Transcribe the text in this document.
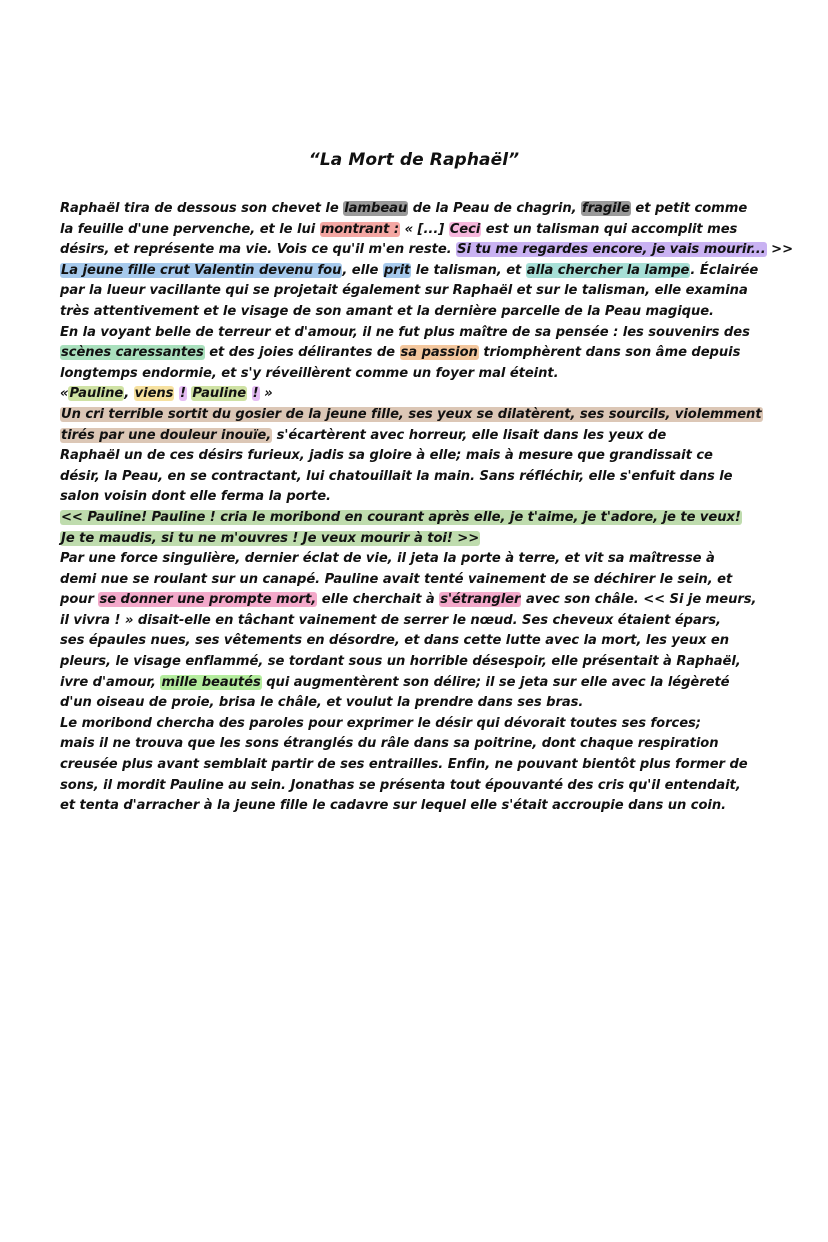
“La Mort de Raphaël”
Raphaël tira de dessous son chevet le lambeau de la Peau de chagrin, fragile et petit comme
la feuille d'une pervenche, et le lui montrant : « [...] Ceci est un talisman qui accomplit mes
désirs, et représente ma vie. Vois ce qu'il m'en reste. Si tu me regardes encore, je vais mourir... >>
La jeune fille crut Valentin devenu fou, elle prit le talisman, et alla chercher la lampe. Éclairée
par la lueur vacillante qui se projetait également sur Raphaël et sur le talisman, elle examina
très attentivement et le visage de son amant et la dernière parcelle de la Peau magique.
En la voyant belle de terreur et d'amour, il ne fut plus maître de sa pensée : les souvenirs des
scènes caressantes et des joies délirantes de sa passion triomphèrent dans son âme depuis
longtemps endormie, et s'y réveillèrent comme un foyer mal éteint.
«Pauline, viens ! Pauline ! »
Un cri terrible sortit du gosier de la jeune fille, ses yeux se dilatèrent, ses sourcils, violemment
tirés par une douleur inouïe, s'écartèrent avec horreur, elle lisait dans les yeux de
Raphaël un de ces désirs furieux, jadis sa gloire à elle; mais à mesure que grandissait ce
désir, la Peau, en se contractant, lui chatouillait la main. Sans réfléchir, elle s'enfuit dans le
salon voisin dont elle ferma la porte.
<< Pauline! Pauline ! cria le moribond en courant après elle, je t'aime, je t'adore, je te veux!
Je te maudis, si tu ne m'ouvres ! Je veux mourir à toi! >>
Par une force singulière, dernier éclat de vie, il jeta la porte à terre, et vit sa maîtresse à
demi nue se roulant sur un canapé. Pauline avait tenté vainement de se déchirer le sein, et
pour se donner une prompte mort, elle cherchait à s'étrangler avec son châle. << Si je meurs,
il vivra ! » disait-elle en tâchant vainement de serrer le nœud. Ses cheveux étaient épars,
ses épaules nues, ses vêtements en désordre, et dans cette lutte avec la mort, les yeux en
pleurs, le visage enflammé, se tordant sous un horrible désespoir, elle présentait à Raphaël,
ivre d'amour, mille beautés qui augmentèrent son délire; il se jeta sur elle avec la légèreté
d'un oiseau de proie, brisa le châle, et voulut la prendre dans ses bras.
Le moribond chercha des paroles pour exprimer le désir qui dévorait toutes ses forces;
mais il ne trouva que les sons étranglés du râle dans sa poitrine, dont chaque respiration
creusée plus avant semblait partir de ses entrailles. Enfin, ne pouvant bientôt plus former de
sons, il mordit Pauline au sein. Jonathas se présenta tout épouvanté des cris qu'il entendait,
et tenta d'arracher à la jeune fille le cadavre sur lequel elle s'était accroupie dans un coin.
